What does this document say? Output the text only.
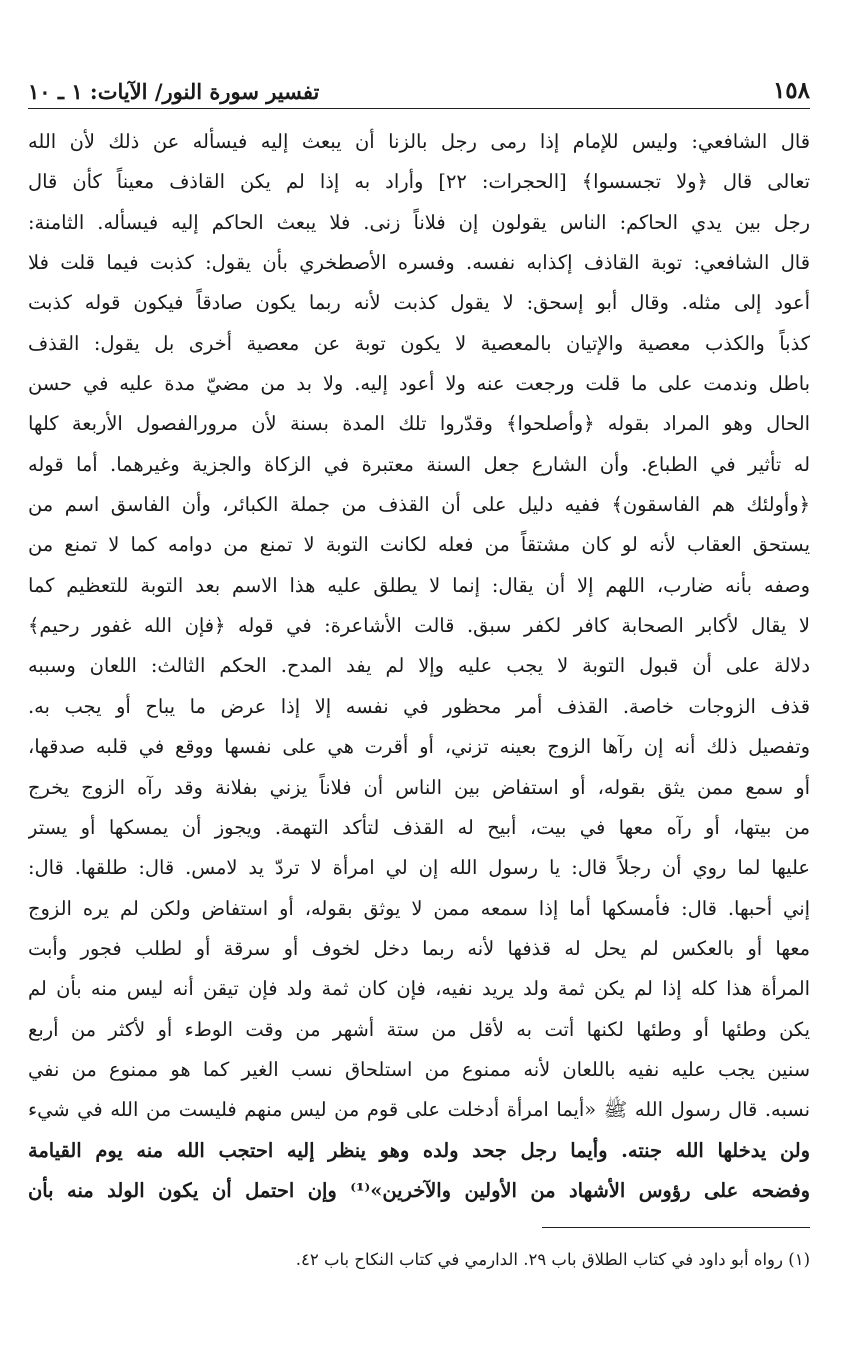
١٥٨
تفسير سورة النور/ الآيات: ١ ـ ١٠
قال الشافعي: وليس للإمام إذا رمى رجل بالزنا أن يبعث إليه فيسأله عن ذلك لأن الله
تعالى قال ﴿ولا تجسسوا﴾ [الحجرات: ٢٢] وأراد به إذا لم يكن القاذف معيناً كأن قال
رجل بين يدي الحاكم: الناس يقولون إن فلاناً زنى. فلا يبعث الحاكم إليه فيسأله. الثامنة:
قال الشافعي: توبة القاذف إكذابه نفسه. وفسره الأصطخري بأن يقول: كذبت فيما قلت فلا
أعود إلى مثله. وقال أبو إسحق: لا يقول كذبت لأنه ربما يكون صادقاً فيكون قوله كذبت
كذباً والكذب معصية والإتيان بالمعصية لا يكون توبة عن معصية أخرى بل يقول: القذف
باطل وندمت على ما قلت ورجعت عنه ولا أعود إليه. ولا بد من مضيّ مدة عليه في حسن
الحال وهو المراد بقوله ﴿وأصلحوا﴾ وقدّروا تلك المدة بسنة لأن مرورالفصول الأربعة كلها
له تأثير في الطباع. وأن الشارع جعل السنة معتبرة في الزكاة والجزية وغيرهما. أما قوله
﴿وأولئك هم الفاسقون﴾ ففيه دليل على أن القذف من جملة الكبائر، وأن الفاسق اسم من
يستحق العقاب لأنه لو كان مشتقاً من فعله لكانت التوبة لا تمنع من دوامه كما لا تمنع من
وصفه بأنه ضارب، اللهم إلا أن يقال: إنما لا يطلق عليه هذا الاسم بعد التوبة للتعظيم كما
لا يقال لأكابر الصحابة كافر لكفر سبق. قالت الأشاعرة: في قوله ﴿فإن الله غفور رحيم﴾
دلالة على أن قبول التوبة لا يجب عليه وإلا لم يفد المدح. الحكم الثالث: اللعان وسببه
قذف الزوجات خاصة. القذف أمر محظور في نفسه إلا إذا عرض ما يباح أو يجب به.
وتفصيل ذلك أنه إن رآها الزوج بعينه تزني، أو أقرت هي على نفسها ووقع في قلبه صدقها،
أو سمع ممن يثق بقوله، أو استفاض بين الناس أن فلاناً يزني بفلانة وقد رآه الزوج يخرج
من بيتها، أو رآه معها في بيت، أبيح له القذف لتأكد التهمة. ويجوز أن يمسكها أو يستر
عليها لما روي أن رجلاً قال: يا رسول الله إن لي امرأة لا تردّ يد لامس. قال: طلقها. قال:
إني أحبها. قال: فأمسكها أما إذا سمعه ممن لا يوثق بقوله، أو استفاض ولكن لم يره الزوج
معها أو بالعكس لم يحل له قذفها لأنه ربما دخل لخوف أو سرقة أو لطلب فجور وأبت
المرأة هذا كله إذا لم يكن ثمة ولد يريد نفيه، فإن كان ثمة ولد فإن تيقن أنه ليس منه بأن لم
يكن وطئها أو وطئها لكنها أتت به لأقل من ستة أشهر من وقت الوطء أو لأكثر من أربع
سنين يجب عليه نفيه باللعان لأنه ممنوع من استلحاق نسب الغير كما هو ممنوع من نفي
نسبه. قال رسول الله ﷺ «أيما امرأة أدخلت على قوم من ليس منهم فليست من الله في شيء
ولن يدخلها الله جنته. وأيما رجل جحد ولده وهو ينظر إليه احتجب الله منه يوم القيامة
وفضحه على رؤوس الأشهاد من الأولين والآخرين»⁽¹⁾ وإن احتمل أن يكون الولد منه بأن
(١) رواه أبو داود في كتاب الطلاق باب ٢٩. الدارمي في كتاب النكاح باب ٤٢.
